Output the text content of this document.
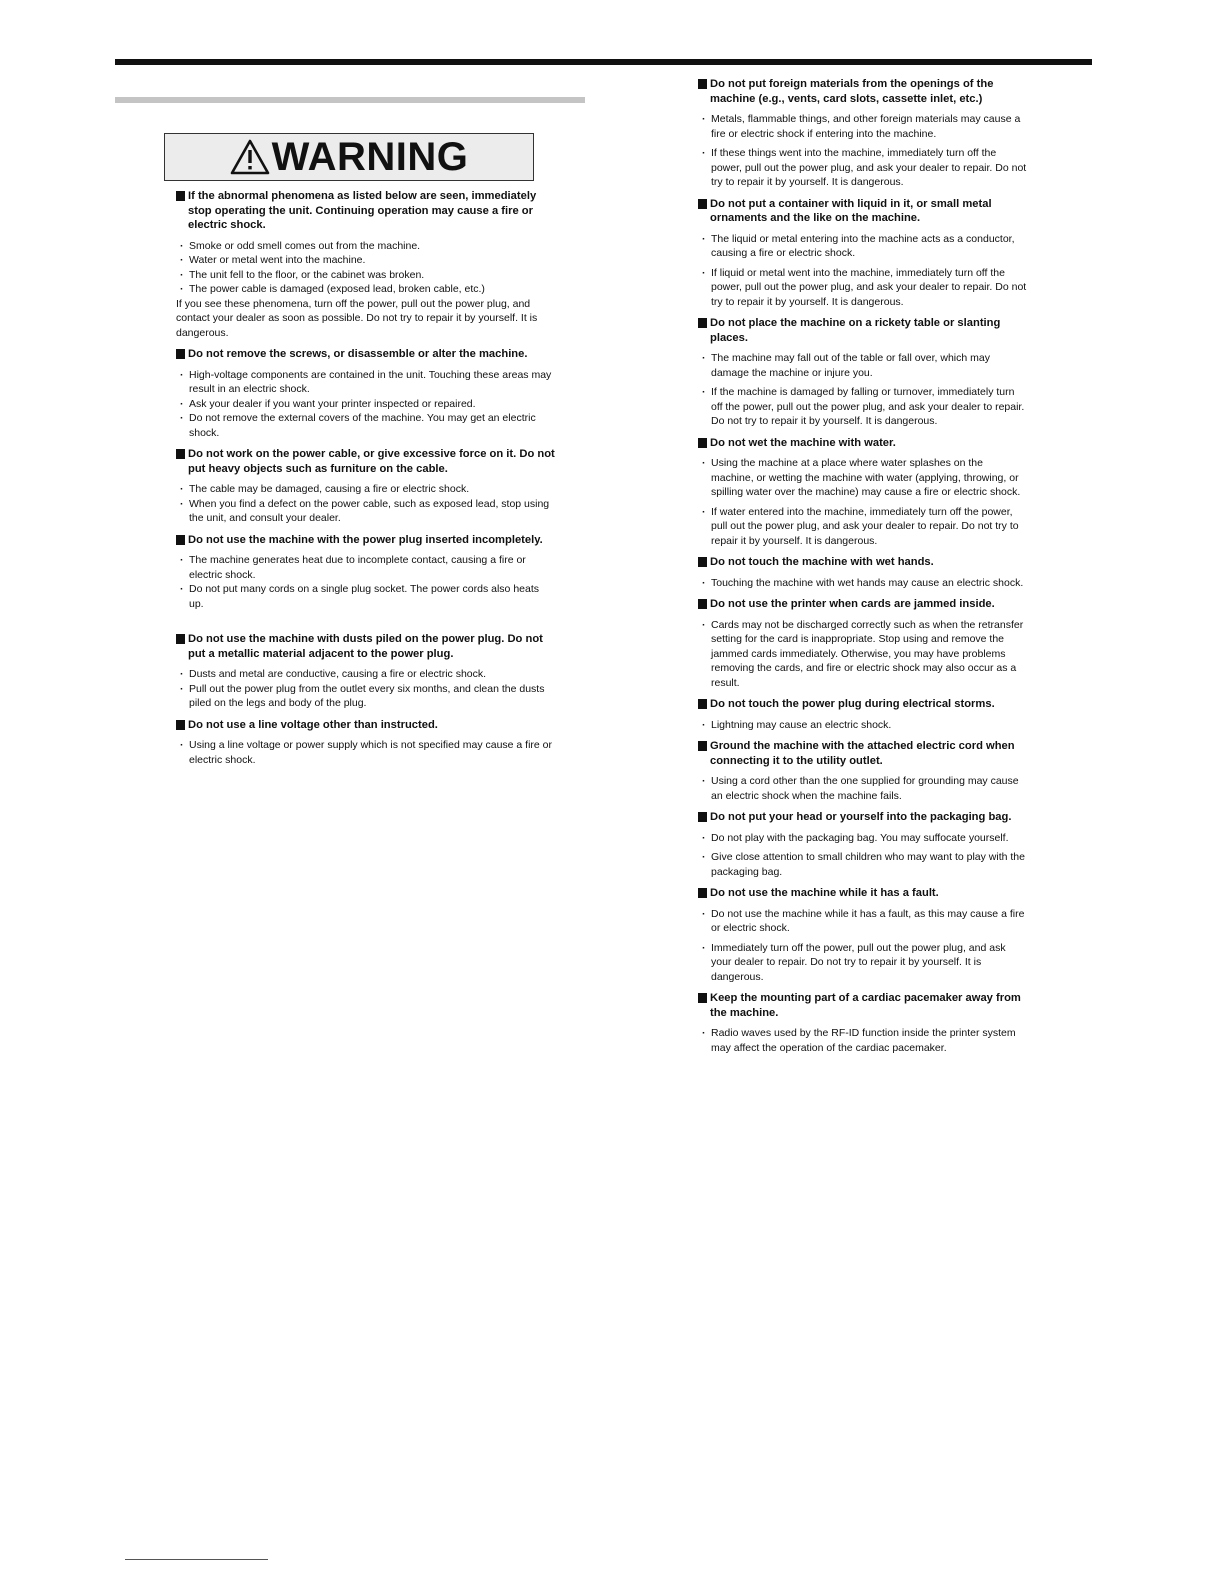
WARNING
If the abnormal phenomena as listed below are seen, immediately stop operating the unit. Continuing operation may cause a fire or electric shock.
· Smoke or odd smell comes out from the machine.
· Water or metal went into the machine.
· The unit fell to the floor, or the cabinet was broken.
· The power cable is damaged (exposed lead, broken cable, etc.)
If you see these phenomena, turn off the power, pull out the power plug, and contact your dealer as soon as possible. Do not try to repair it by yourself. It is dangerous.
Do not remove the screws, or disassemble or alter the machine.
· High-voltage components are contained in the unit. Touching these areas may result in an electric shock.
· Ask your dealer if you want your printer inspected or repaired.
· Do not remove the external covers of the machine. You may get an electric shock.
Do not work on the power cable, or give excessive force on it. Do not put heavy objects such as furniture on the cable.
· The cable may be damaged, causing a fire or electric shock.
· When you find a defect on the power cable, such as exposed lead, stop using the unit, and consult your dealer.
Do not use the machine with the power plug inserted incompletely.
· The machine generates heat due to incomplete contact, causing a fire or electric shock.
· Do not put many cords on a single plug socket. The power cords also heats up.
Do not use the machine with dusts piled on the power plug. Do not put a metallic material adjacent to the power plug.
· Dusts and metal are conductive, causing a fire or electric shock.
· Pull out the power plug from the outlet every six months, and clean the dusts piled on the legs and body of the plug.
Do not use a line voltage other than instructed.
· Using a line voltage or power supply which is not specified may cause a fire or electric shock.
Do not put foreign materials from the openings of the machine (e.g., vents, card slots, cassette inlet, etc.)
· Metals, flammable things, and other foreign materials may cause a fire or electric shock if entering into the machine.
· If these things went into the machine, immediately turn off the power, pull out the power plug, and ask your dealer to repair. Do not try to repair it by yourself. It is dangerous.
Do not put a container with liquid in it, or small metal ornaments and the like on the machine.
· The liquid or metal entering into the machine acts as a conductor, causing a fire or electric shock.
· If liquid or metal went into the machine, immediately turn off the power, pull out the power plug, and ask your dealer to repair. Do not try to repair it by yourself. It is dangerous.
Do not place the machine on a rickety table or slanting places.
· The machine may fall out of the table or fall over, which may damage the machine or injure you.
· If the machine is damaged by falling or turnover, immediately turn off the power, pull out the power plug, and ask your dealer to repair. Do not try to repair it by yourself. It is dangerous.
Do not wet the machine with water.
· Using the machine at a place where water splashes on the machine, or wetting the machine with water (applying, throwing, or spilling water over the machine) may cause a fire or electric shock.
· If water entered into the machine, immediately turn off the power, pull out the power plug, and ask your dealer to repair. Do not try to repair it by yourself. It is dangerous.
Do not touch the machine with wet hands.
· Touching the machine with wet hands may cause an electric shock.
Do not use the printer when cards are jammed inside.
· Cards may not be discharged correctly such as when the retransfer setting for the card is inappropriate. Stop using and remove the jammed cards immediately. Otherwise, you may have problems removing the cards, and fire or electric shock may also occur as a result.
Do not touch the power plug during electrical storms.
· Lightning may cause an electric shock.
Ground the machine with the attached electric cord when connecting it to the utility outlet.
· Using a cord other than the one supplied for grounding may cause an electric shock when the machine fails.
Do not put your head or yourself into the packaging bag.
· Do not play with the packaging bag. You may suffocate yourself.
· Give close attention to small children who may want to play with the packaging bag.
Do not use the machine while it has a fault.
· Do not use the machine while it has a fault, as this may cause a fire or electric shock.
· Immediately turn off the power, pull out the power plug, and ask your dealer to repair. Do not try to repair it by yourself. It is dangerous.
Keep the mounting part of a cardiac pacemaker away from the machine.
· Radio waves used by the RF-ID function inside the printer system may affect the operation of the cardiac pacemaker.
